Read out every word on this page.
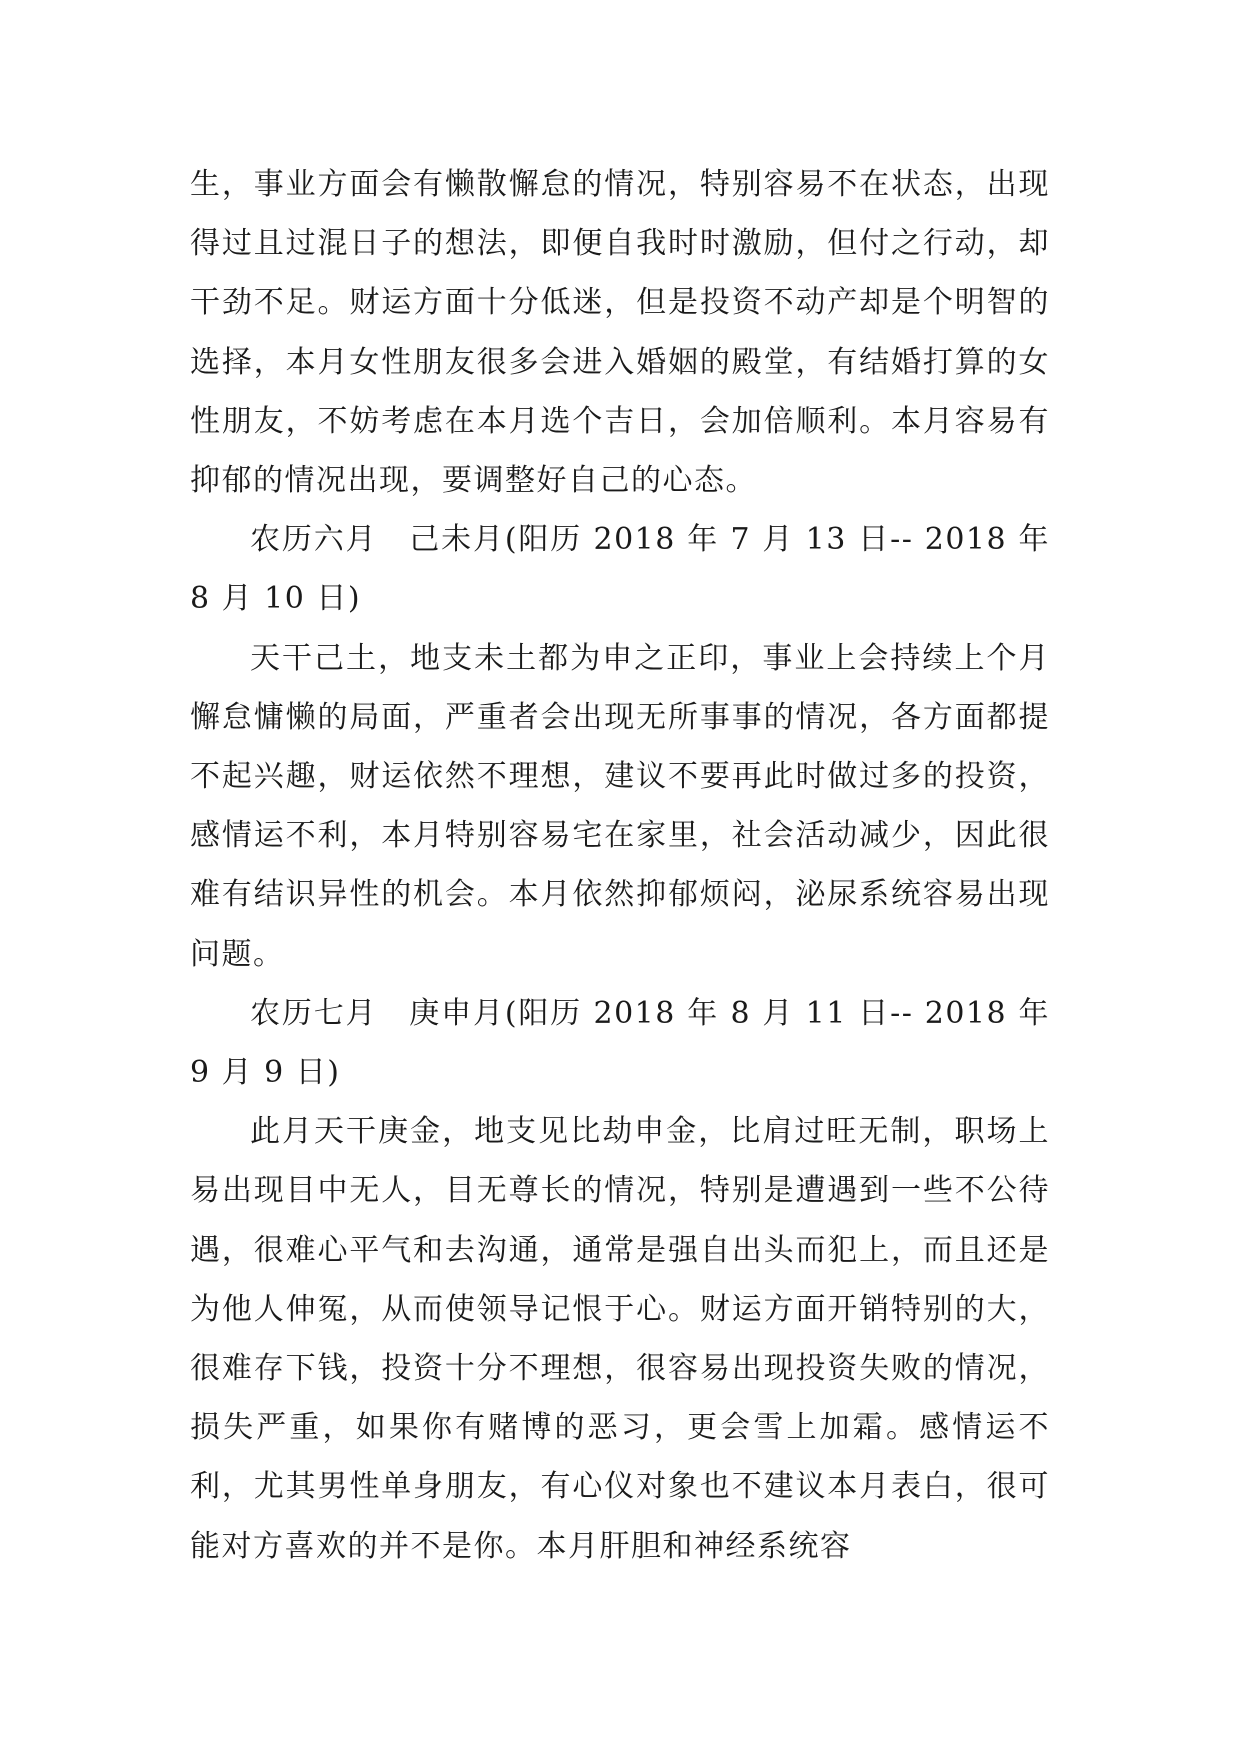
生，事业方面会有懒散懈怠的情况，特别容易不在状态，出现得过且过混日子的想法，即便自我时时激励，但付之行动，却干劲不足。财运方面十分低迷，但是投资不动产却是个明智的选择，本月女性朋友很多会进入婚姻的殿堂，有结婚打算的女性朋友，不妨考虑在本月选个吉日，会加倍顺利。本月容易有抑郁的情况出现，要调整好自己的心态。

农历六月　己未月(阳历 2018 年 7 月 13 日-- 2018 年 8 月 10 日)

天干己土，地支未土都为申之正印，事业上会持续上个月懈怠慵懒的局面，严重者会出现无所事事的情况，各方面都提不起兴趣，财运依然不理想，建议不要再此时做过多的投资，感情运不利，本月特别容易宅在家里，社会活动减少，因此很难有结识异性的机会。本月依然抑郁烦闷，泌尿系统容易出现问题。

农历七月　庚申月(阳历 2018 年 8 月 11 日-- 2018 年 9 月 9 日)

此月天干庚金，地支见比劫申金，比肩过旺无制，职场上易出现目中无人，目无尊长的情况，特别是遭遇到一些不公待遇，很难心平气和去沟通，通常是强自出头而犯上，而且还是为他人伸冤，从而使领导记恨于心。财运方面开销特别的大，很难存下钱，投资十分不理想，很容易出现投资失败的情况，损失严重，如果你有赌博的恶习，更会雪上加霜。感情运不利，尤其男性单身朋友，有心仪对象也不建议本月表白，很可能对方喜欢的并不是你。本月肝胆和神经系统容
